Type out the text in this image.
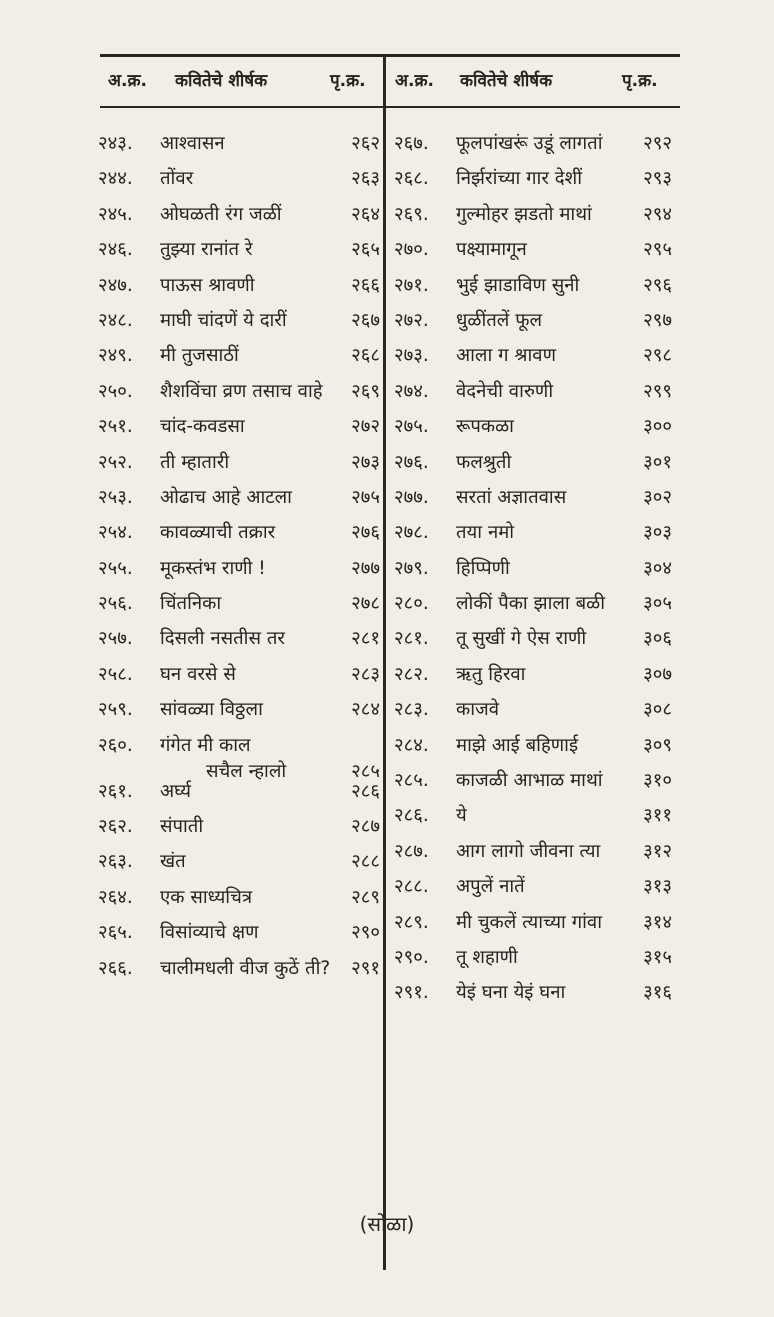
अ.क्र. कवितेचे शीर्षक	पृ.क्र. अ.क्र. कवितेचे शीर्षक	पृ.क्र.
२४३. आश्वासन	२६२
२४४. तोंवर	२६३
२४५. ओघळती रंग जळीं	२६४
२४६. तुझ्या रानांत रे	२६५
२४७. पाऊस श्रावणी	२६६
२४८. माघी चांदणें ये दारीं	२६७
२४९. मी तुजसाठीं	२६८
२५०. शैशविंचा व्रण तसाच वाहे २६९
२५१. चांद-कवडसा	२७२
२५२. ती म्हातारी	२७३
२५३. ओढाच आहे आटला	२७५
२५४. कावळ्याची तक्रार	२७६
२५५. मूकस्तंभ राणी !	२७७
२५६. चिंतनिका	२७८
२५७. दिसली नसतीस तर	२८१
२५८. घन वरसे से	२८३
२५९. सांवळ्या विठ्ठला	२८४
२६०. गंगेत मी काल
सचैल न्हालो	२८५
२६१. अर्घ्य	२८६
२६२. संपाती	२८७
२६३. खंत	२८८
२६४. एक साध्यचित्र	२८९
२६५. विसांव्याचे क्षण	२९०
२६६. चालीमधली वीज कुठें ती? २९१
२६७. फूलपांखरूं उडूं लागतां २९२
२६८. निर्झरांच्या गार देशीं	२९३
२६९. गुल्मोहर झडतो माथां	२९४
२७०. पक्ष्यामागून	२९५
२७१. भुई झाडाविण सुनी	२९६
२७२. धुळींतलें फूल	२९७
२७३. आला ग श्रावण	२९८
२७४. वेदनेची वारुणी	२९९
२७५. रूपकळा	३००
२७६. फलश्रुती	३०१
२७७. सरतां अज्ञातवास	३०२
२७८. तया नमो	३०३
२७९. हिप्पिणी	३०४
२८०. लोकीं पैका झाला बळी ३०५
२८१. तू सुखीं गे ऐस राणी	३०६
२८२. ऋतु हिरवा	३०७
२८३. काजवे	३०८
२८४. माझे आई बहिणाई	३०९
२८५. काजळी आभाळ माथां ३१०
२८६. ये	३११
२८७. आग लागो जीवना त्या ३१२
२८८. अपुलें नातें	३१३
२८९. मी चुकलें त्याच्या गांवा ३१४
२९०. तू शहाणी	३१५
२९१. येइं घना येइं घना	३१६
(सोळा)
